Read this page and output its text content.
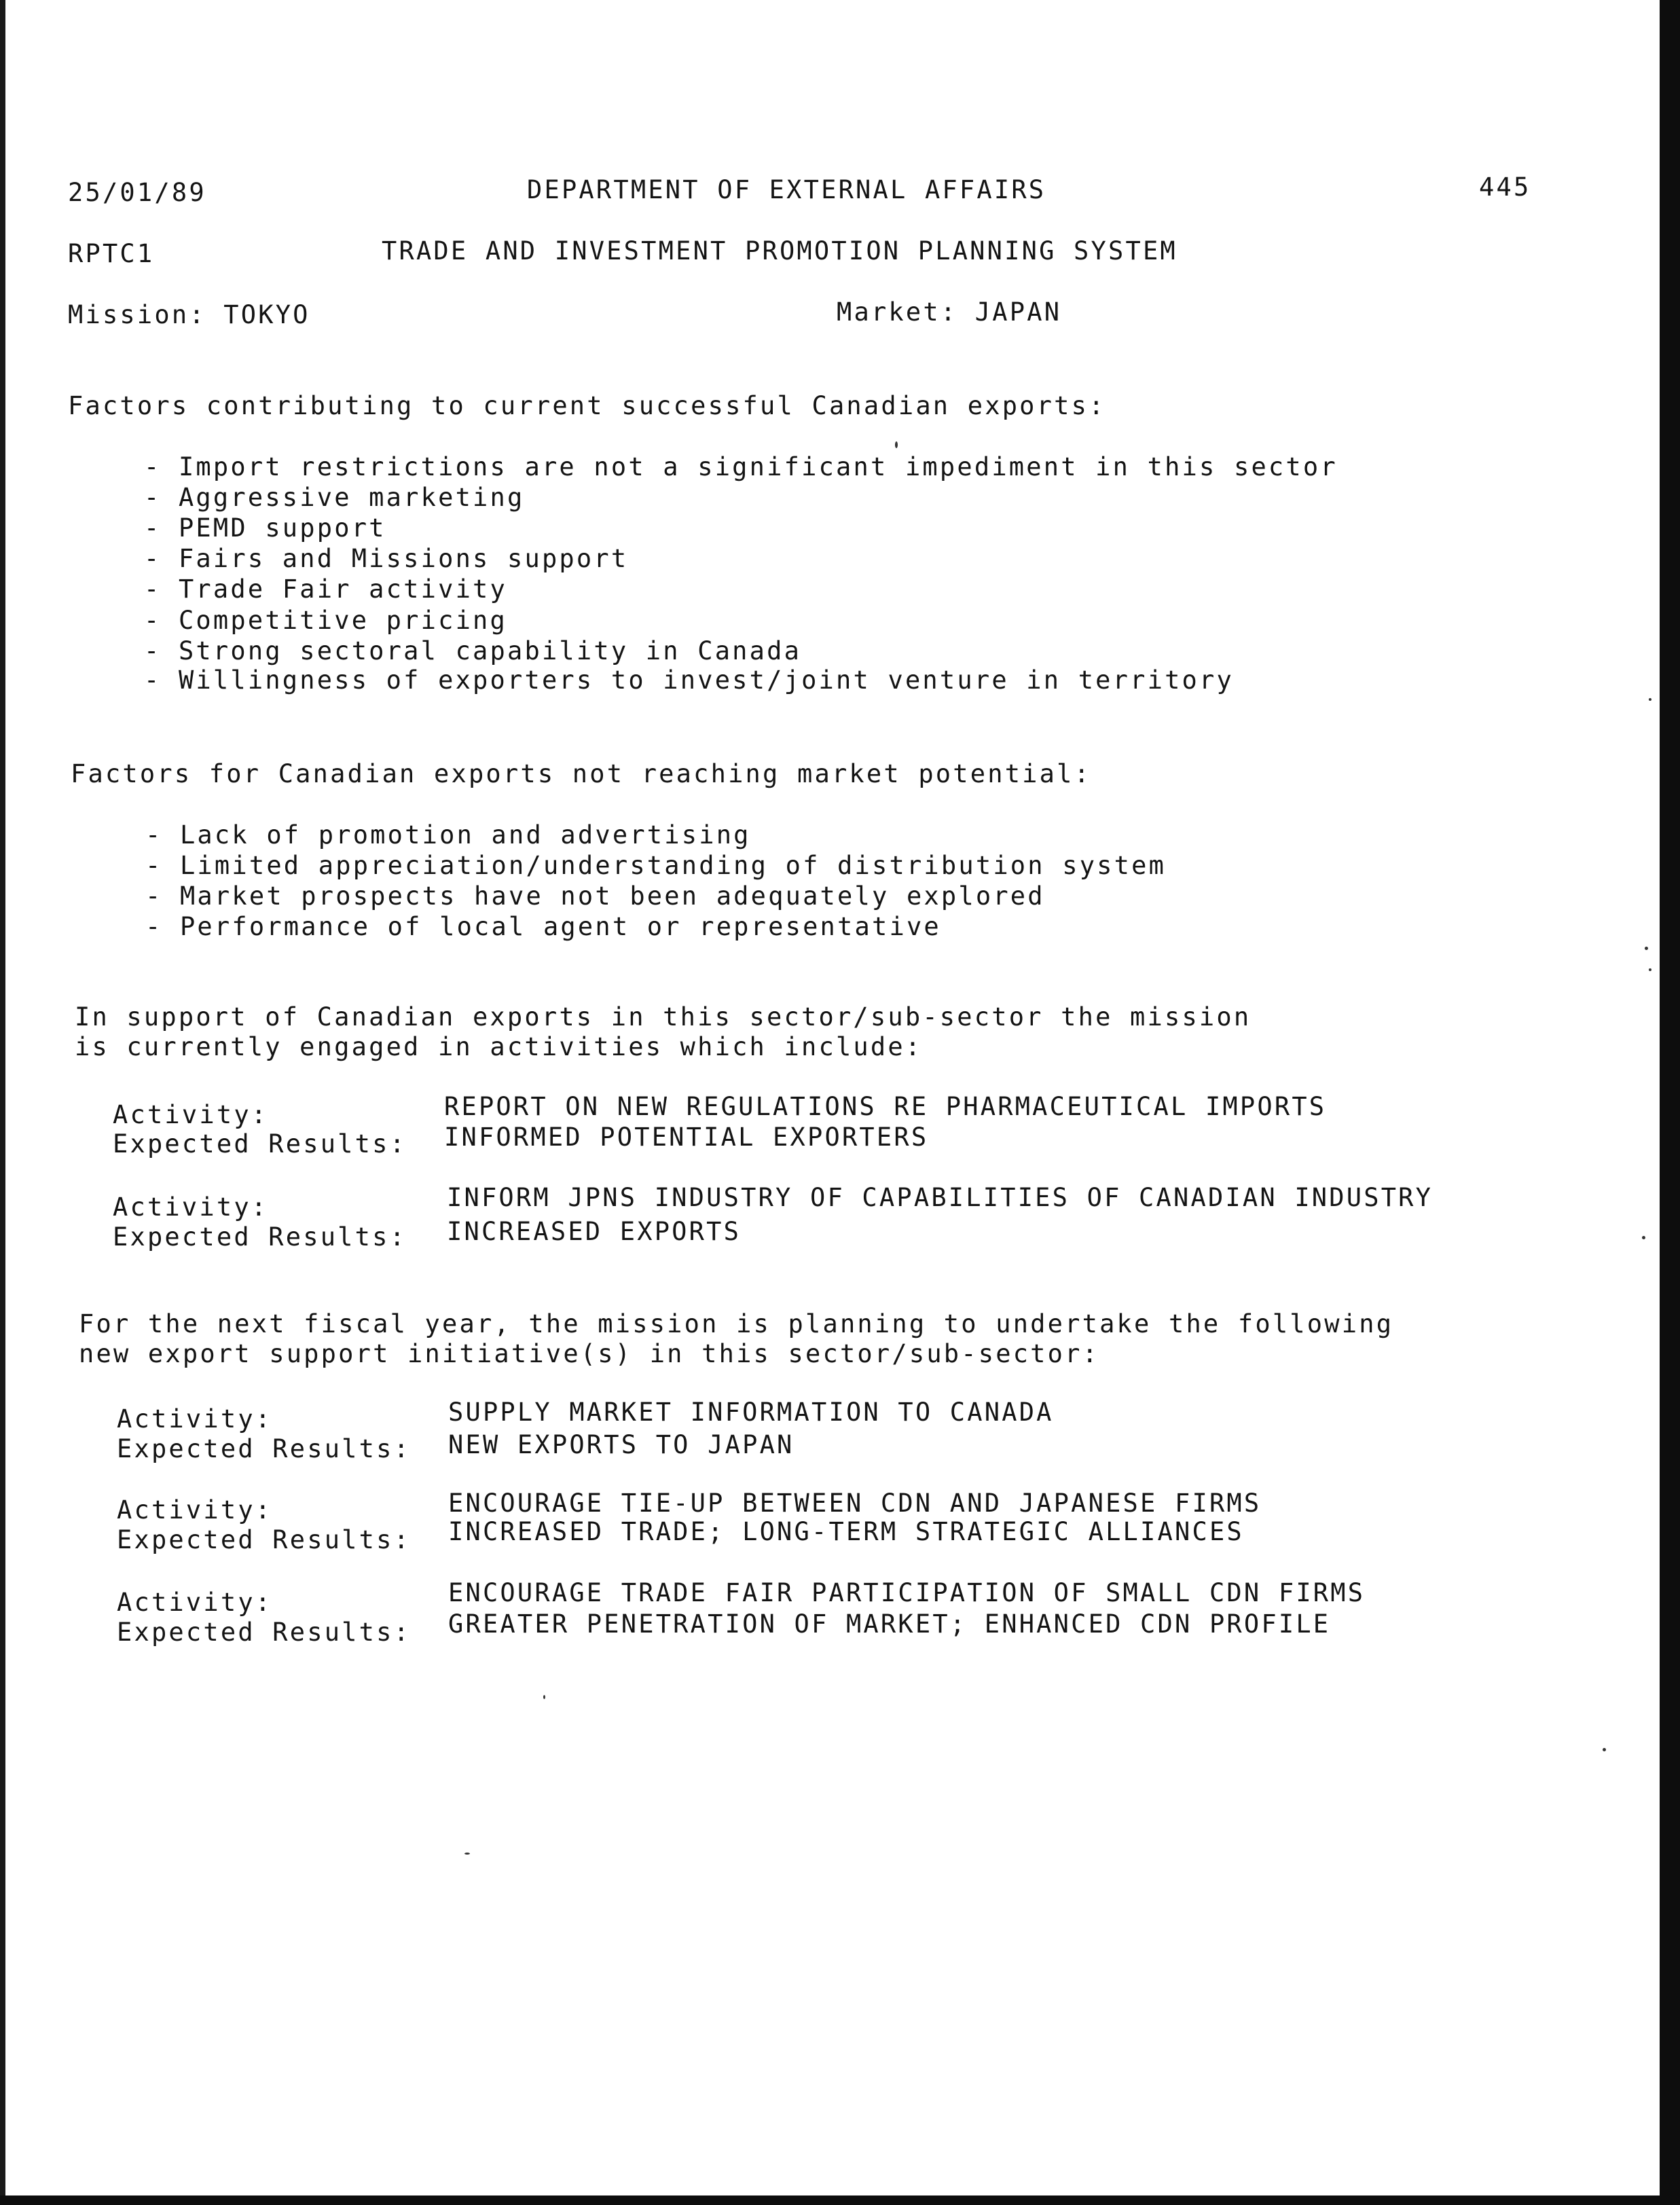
25/01/89	DEPARTMENT OF EXTERNAL AFFAIRS	445
RPTC1	TRADE AND INVESTMENT PROMOTION PLANNING SYSTEM
Mission: TOKYO	Market: JAPAN
Factors contributing to current successful Canadian exports:
- Import restrictions are not a significant impediment in this sector
- Aggressive marketing
- PEMD support
- Fairs and Missions support
- Trade Fair activity
- Competitive pricing
- Strong sectoral capability in Canada
- Willingness of exporters to invest/joint venture in territory
Factors for Canadian exports not reaching market potential:
- Lack of promotion and advertising
- Limited appreciation/understanding of distribution system
- Market prospects have not been adequately explored
- Performance of local agent or representative
In support of Canadian exports in this sector/sub-sector the mission
is currently engaged in activities which include:
Activity:	REPORT ON NEW REGULATIONS RE PHARMACEUTICAL IMPORTS
Expected Results: INFORMED POTENTIAL EXPORTERS
Activity:	INFORM JPNS INDUSTRY OF CAPABILITIES OF CANADIAN INDUSTRY
Expected Results: INCREASED EXPORTS
For the next fiscal year, the mission is planning to undertake the following
new export support initiative(s) in this sector/sub-sector:
Activity:	SUPPLY MARKET INFORMATION TO CANADA
Expected Results: NEW EXPORTS TO JAPAN
Activity:	ENCOURAGE TIE-UP BETWEEN CDN AND JAPANESE FIRMS
Expected Results: INCREASED TRADE; LONG-TERM STRATEGIC ALLIANCES
Activity:	ENCOURAGE TRADE FAIR PARTICIPATION OF SMALL CDN FIRMS
Expected Results: GREATER PENETRATION OF MARKET; ENHANCED CDN PROFILE
